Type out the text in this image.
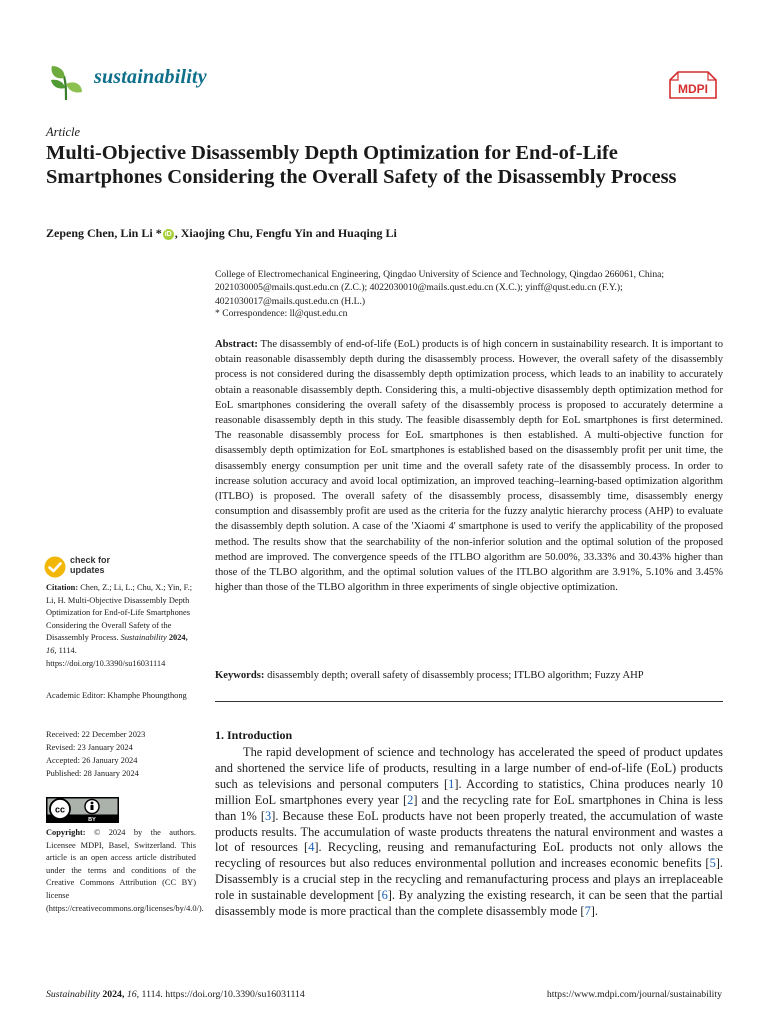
sustainability
MDPI
Article
Multi-Objective Disassembly Depth Optimization for End-of-Life Smartphones Considering the Overall Safety of the Disassembly Process
Zepeng Chen, Lin Li * iD , Xiaojing Chu, Fengfu Yin and Huaqing Li
College of Electromechanical Engineering, Qingdao University of Science and Technology, Qingdao 266061, China; 2021030005@mails.qust.edu.cn (Z.C.); 4022030010@mails.qust.edu.cn (X.C.); yinff@qust.edu.cn (F.Y.); 4021030017@mails.qust.edu.cn (H.L.)
* Correspondence: ll@qust.edu.cn
Abstract: The disassembly of end-of-life (EoL) products is of high concern in sustainability research. It is important to obtain reasonable disassembly depth during the disassembly process. However, the overall safety of the disassembly process is not considered during the disassembly depth optimization process, which leads to an inability to accurately obtain a reasonable disassembly depth. Considering this, a multi-objective disassembly depth optimization method for EoL smartphones considering the overall safety of the disassembly process is proposed to accurately determine a reasonable disassembly depth in this study. The feasible disassembly depth for EoL smartphones is first determined. The reasonable disassembly process for EoL smartphones is then established. A multi-objective function for disassembly depth optimization for EoL smartphones is established based on the disassembly profit per unit time, the disassembly energy consumption per unit time and the overall safety rate of the disassembly process. In order to increase solution accuracy and avoid local optimization, an improved teaching–learning-based optimization algorithm (ITLBO) is proposed. The overall safety of the disassembly process, disassembly time, disassembly energy consumption and disassembly profit are used as the criteria for the fuzzy analytic hierarchy process (AHP) to evaluate the disassembly depth solution. A case of the 'Xiaomi 4' smartphone is used to verify the applicability of the proposed method. The results show that the searchability of the non-inferior solution and the optimal solution of the proposed method are improved. The convergence speeds of the ITLBO algorithm are 50.00%, 33.33% and 30.43% higher than those of the TLBO algorithm, and the optimal solution values of the ITLBO algorithm are 3.91%, 5.10% and 3.45% higher than those of the TLBO algorithm in three experiments of single objective optimization.
Keywords: disassembly depth; overall safety of disassembly process; ITLBO algorithm; Fuzzy AHP
1. Introduction

The rapid development of science and technology has accelerated the speed of product updates and shortened the service life of products, resulting in a large number of end-of-life (EoL) products such as televisions and personal computers [1]. According to statistics, China produces nearly 10 million EoL smartphones every year [2] and the recycling rate for EoL smartphones in China is less than 1% [3]. Because these EoL products have not been properly treated, the accumulation of waste products results. The accumulation of waste products threatens the natural environment and wastes a lot of resources [4]. Recycling, reusing and remanufacturing EoL products not only allows the recycling of resources but also reduces environmental pollution and increases economic benefits [5]. Disassembly is a crucial step in the recycling and remanufacturing process and plays an irreplaceable role in sustainable development [6]. By analyzing the existing research, it can be seen that the partial disassembly mode is more practical than the complete disassembly mode [7].

check for
updates
Citation: Chen, Z.; Li, L.; Chu, X.; Yin, F.; Li, H. Multi-Objective Disassembly Depth Optimization for End-of-Life Smartphones Considering the Overall Safety of the Disassembly Process. Sustainability 2024, 16, 1114. https://doi.org/10.3390/su16031114
Academic Editor: Khamphe Phoungthong
Received: 22 December 2023
Revised: 23 January 2024
Accepted: 26 January 2024
Published: 28 January 2024
cc
BY
Copyright: © 2024 by the authors. Licensee MDPI, Basel, Switzerland. This article is an open access article distributed under the terms and conditions of the Creative Commons Attribution (CC BY) license (https://creativecommons.org/licenses/by/4.0/).
Sustainability 2024, 16, 1114. https://doi.org/10.3390/su16031114	https://www.mdpi.com/journal/sustainability
